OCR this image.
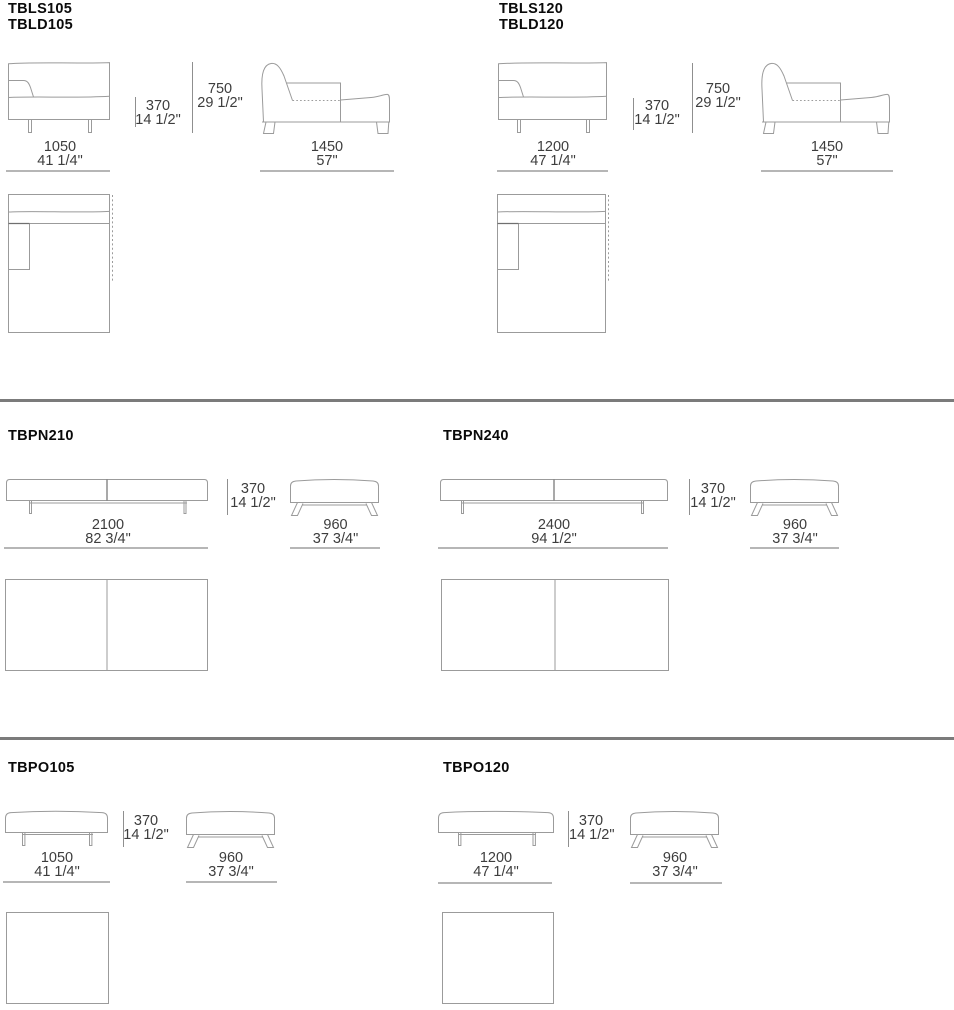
TBLS105
TBLD105
370
14 1/2"
750
29 1/2"
1050
41 1/4"
1450
57"
TBLS120
TBLD120
370
14 1/2"
750
29 1/2"
1200
47 1/4"
1450
57"
TBPN210
2100
82 3/4"
370
14 1/2"
960
37 3/4"
TBPN240
2400
94 1/2"
370
14 1/2"
960
37 3/4"
TBPO105
1050
41 1/4"
370
14 1/2"
960
37 3/4"
TBPO120
1200
47 1/4"
370
14 1/2"
960
37 3/4"
